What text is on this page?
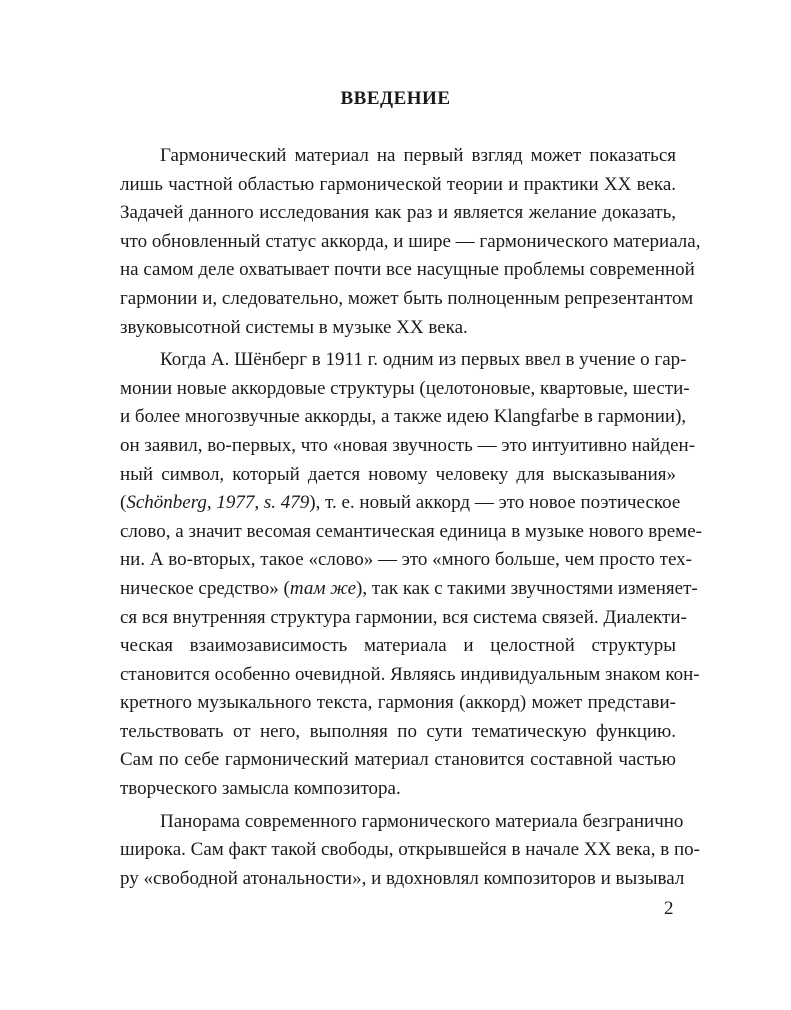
ВВЕДЕНИЕ
Гармонический материал на первый взгляд может показаться
лишь частной областью гармонической теории и практики XX века.
Задачей данного исследования как раз и является желание доказать,
что обновленный статус аккорда, и шире — гармонического материала,
на самом деле охватывает почти все насущные проблемы современной
гармонии и, следовательно, может быть полноценным репрезентантом
звуковысотной системы в музыке XX века.
Когда А. Шёнберг в 1911 г. одним из первых ввел в учение о гар-
монии новые аккордовые структуры (целотоновые, квартовые, шести-
и более многозвучные аккорды, а также идею Klangfarbe в гармонии),
он заявил, во-первых, что «новая звучность — это интуитивно найден-
ный символ, который дается новому человеку для высказывания»
(Schönberg, 1977, s. 479), т. е. новый аккорд — это новое поэтическое
слово, а значит весомая семантическая единица в музыке нового време-
ни. А во-вторых, такое «слово» — это «много больше, чем просто тех-
ническое средство» (там же), так как с такими звучностями изменяет-
ся вся внутренняя структура гармонии, вся система связей. Диалекти-
ческая взаимозависимость материала и целостной структуры
становится особенно очевидной. Являясь индивидуальным знаком кон-
кретного музыкального текста, гармония (аккорд) может представи-
тельствовать от него, выполняя по сути тематическую функцию.
Сам по себе гармонический материал становится составной частью
творческого замысла композитора.
Панорама современного гармонического материала безгранично
широка. Сам факт такой свободы, открывшейся в начале XX века, в по-
ру «свободной атональности», и вдохновлял композиторов и вызывал
2
